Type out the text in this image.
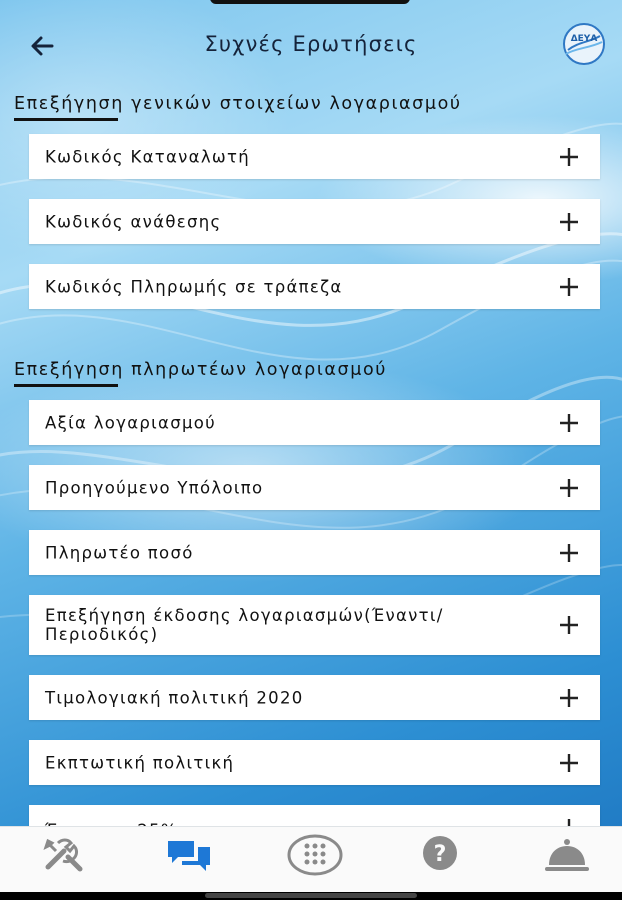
Συχνές Ερωτήσεις	ΔΕΥΑ
Επεξήγηση γενικών στοιχείων λογαριασμού
Κωδικός Καταναλωτή
Κωδικός ανάθεσης
Κωδικός Πληρωμής σε τράπεζα
Επεξήγηση πληρωτέων λογαριασμού
Αξία λογαριασμού
Προηγούμενο Υπόλοιπο
Πληρωτέο ποσό
Επεξήγηση έκδοσης λογαριασμών(Έναντι/ Περιοδικός)
Τιμολογιακή πολιτική 2020
Εκπτωτική πολιτική
?
